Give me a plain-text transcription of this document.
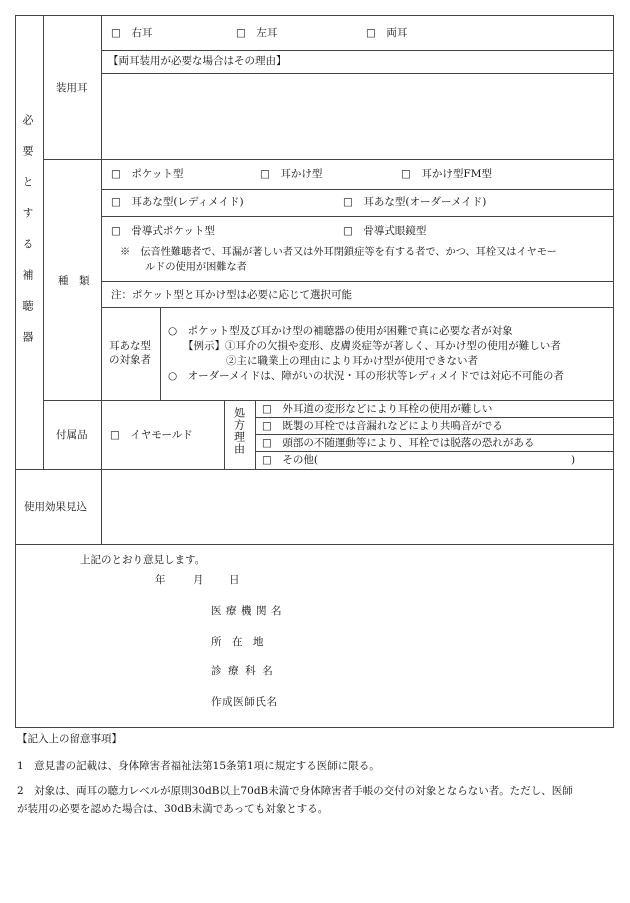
必要とする補聴器
装用耳
□　右耳	□　左耳	□　両耳
【両耳装用が必要な場合はその理由】
種　類
□　ポケット型	□　耳かけ型	□　耳かけ型FM型
□　耳あな型(レディメイド)	□　耳あな型(オーダーメイド)
□　骨導式ポケット型	□　骨導式眼鏡型
※　伝音性難聴者で、耳漏が著しい者又は外耳閉鎖症等を有する者で、かつ、耳栓又はイヤモー
ルドの使用が困難な者
注：ポケット型と耳かけ型は必要に応じて選択可能
耳あな型
の対象者
○　ポケット型及び耳かけ型の補聴器の使用が困難で真に必要な者が対象
【例示】①耳介の欠損や変形、皮膚炎症等が著しく、耳かけ型の使用が難しい者
②主に職業上の理由により耳かけ型が使用できない者
○　オーダーメイドは、障がいの状況・耳の形状等レディメイドでは対応不可能の者
付属品 □　イヤモールド	処方理由 □　外耳道の変形などにより耳栓の使用が難しい
□　既製の耳栓では音漏れなどにより共鳴音がでる
□　頭部の不随運動等により、耳栓では脱落の恐れがある
□　その他(	)
使用効果見込
上記のとおり意見します。
年	月 日
医療機関名
所　在　地
診療科名
作成医師氏名
【記入上の留意事項】
1　意見書の記載は、身体障害者福祉法第15条第1項に規定する医師に限る。
2　対象は、両耳の聴力レベルが原則30dB以上70dB未満で身体障害者手帳の交付の対象とならない者。ただし、医師
が装用の必要を認めた場合は、30dB未満であっても対象とする。
